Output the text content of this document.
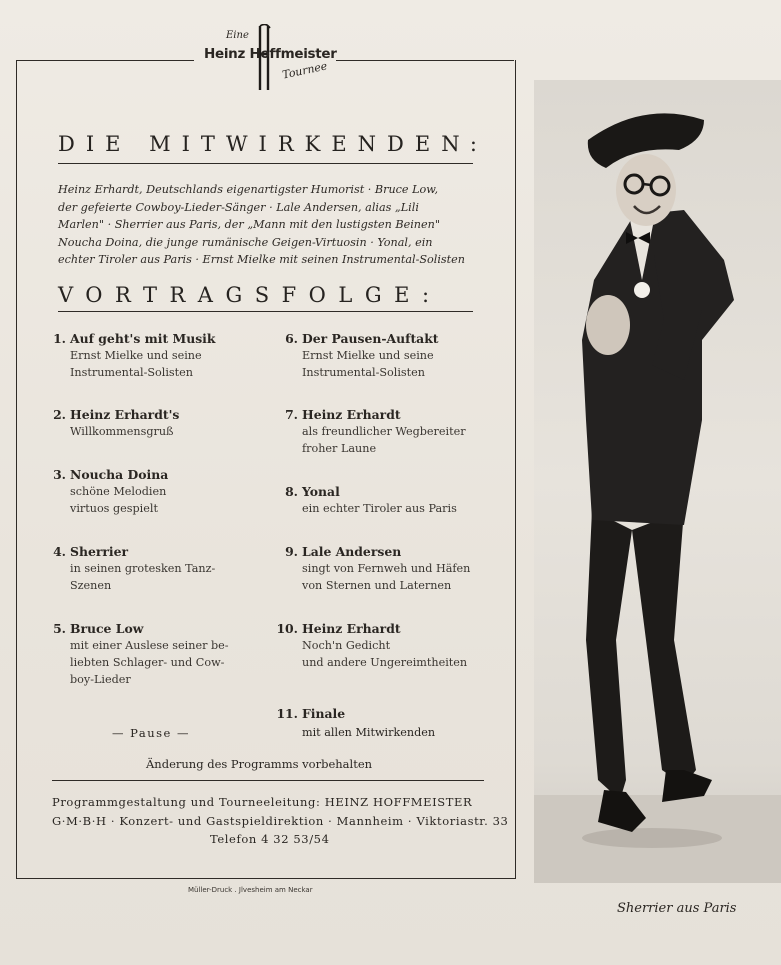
Eine
Heinz Hoffmeister
Tournee
DIE MITWIRKENDEN:
Heinz Erhardt, Deutschlands eigenartigster Humorist · Bruce Low,
der gefeierte Cowboy-Lieder-Sänger · Lale Andersen, alias „Lili
Marlen" · Sherrier aus Paris, der „Mann mit den lustigsten Beinen"
Noucha Doina, die junge rumänische Geigen-Virtuosin · Yonal, ein
echter Tiroler aus Paris · Ernst Mielke mit seinen Instrumental-Solisten
VORTRAGSFOLGE:
1. Auf geht's mit Musik
Ernst Mielke und seine
Instrumental-Solisten
2. Heinz Erhardt's
Willkommensgruß
3. Noucha Doina
schöne Melodien
virtuos gespielt
4. Sherrier
in seinen grotesken Tanz-
Szenen
5. Bruce Low
mit einer Auslese seiner be-
liebten Schlager- und Cow-
boy-Lieder
6. Der Pausen-Auftakt
Ernst Mielke und seine
Instrumental-Solisten
7. Heinz Erhardt
als freundlicher Wegbereiter
froher Laune
8. Yonal
ein echter Tiroler aus Paris
9. Lale Andersen
singt von Fernweh und Häfen
von Sternen und Laternen
10. Heinz Erhardt
Noch'n Gedicht
und andere Ungereimtheiten
11. Finale
— Pause —	mit allen Mitwirkenden
Änderung des Programms vorbehalten
Programmgestaltung und Tourneeleitung: HEINZ HOFFMEISTER
G·M·B·H · Konzert- und Gastspieldirektion · Mannheim · Viktoriastr. 33
Telefon 4 32 53/54
Müller-Druck . Jlvesheim am Neckar
Sherrier aus Paris
